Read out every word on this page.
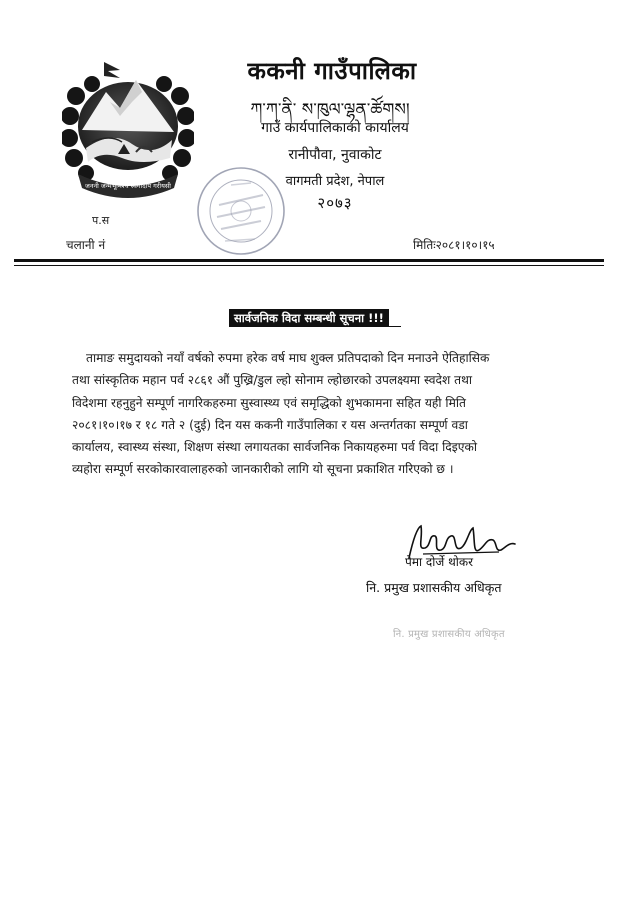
जननी जन्मभूमिश्च स्वर्गादपि गरीयसी
ककनी गाउँपालिका
ཀ་ཀ་ནི་ ས་ཁུལ་ལྷན་ཚོགས།
गाउँ कार्यपालिकाको कार्यालय
रानीपौवा, नुवाकोट
वागमती प्रदेश, नेपाल
२०७३
प.स
चलानी नं	मितिः२०८१।१०।१५
सार्वजनिक विदा सम्बन्धी सूचना !!!
तामाङ समुदायको नयाँ वर्षको रुपमा हरेक वर्ष माघ शुक्ल प्रतिपदाको दिन मनाउने ऐतिहासिक
तथा सांस्कृतिक महान पर्व २८६१ औं पुख्रि/डुल ल्हो सोनाम ल्होछारको उपलक्ष्यमा स्वदेश तथा
विदेशमा रहनुहुने सम्पूर्ण नागरिकहरुमा सुस्वास्थ्य एवं समृद्धिको शुभकामना सहित यही मिति
२०८१।१०।१७ र १८ गते २ (दुई) दिन यस ककनी गाउँपालिका र यस अन्तर्गतका सम्पूर्ण वडा
कार्यालय, स्वास्थ्य संस्था, शिक्षण संस्था लगायतका सार्वजनिक निकायहरुमा पर्व विदा दिइएको
व्यहोरा सम्पूर्ण सरकोकारवालाहरुको जानकारीको लागि यो सूचना प्रकाशित गरिएको छ ।
पेमा दोर्जे थोकर
नि. प्रमुख प्रशासकीय अधिकृत
नि. प्रमुख प्रशासकीय अधिकृत
